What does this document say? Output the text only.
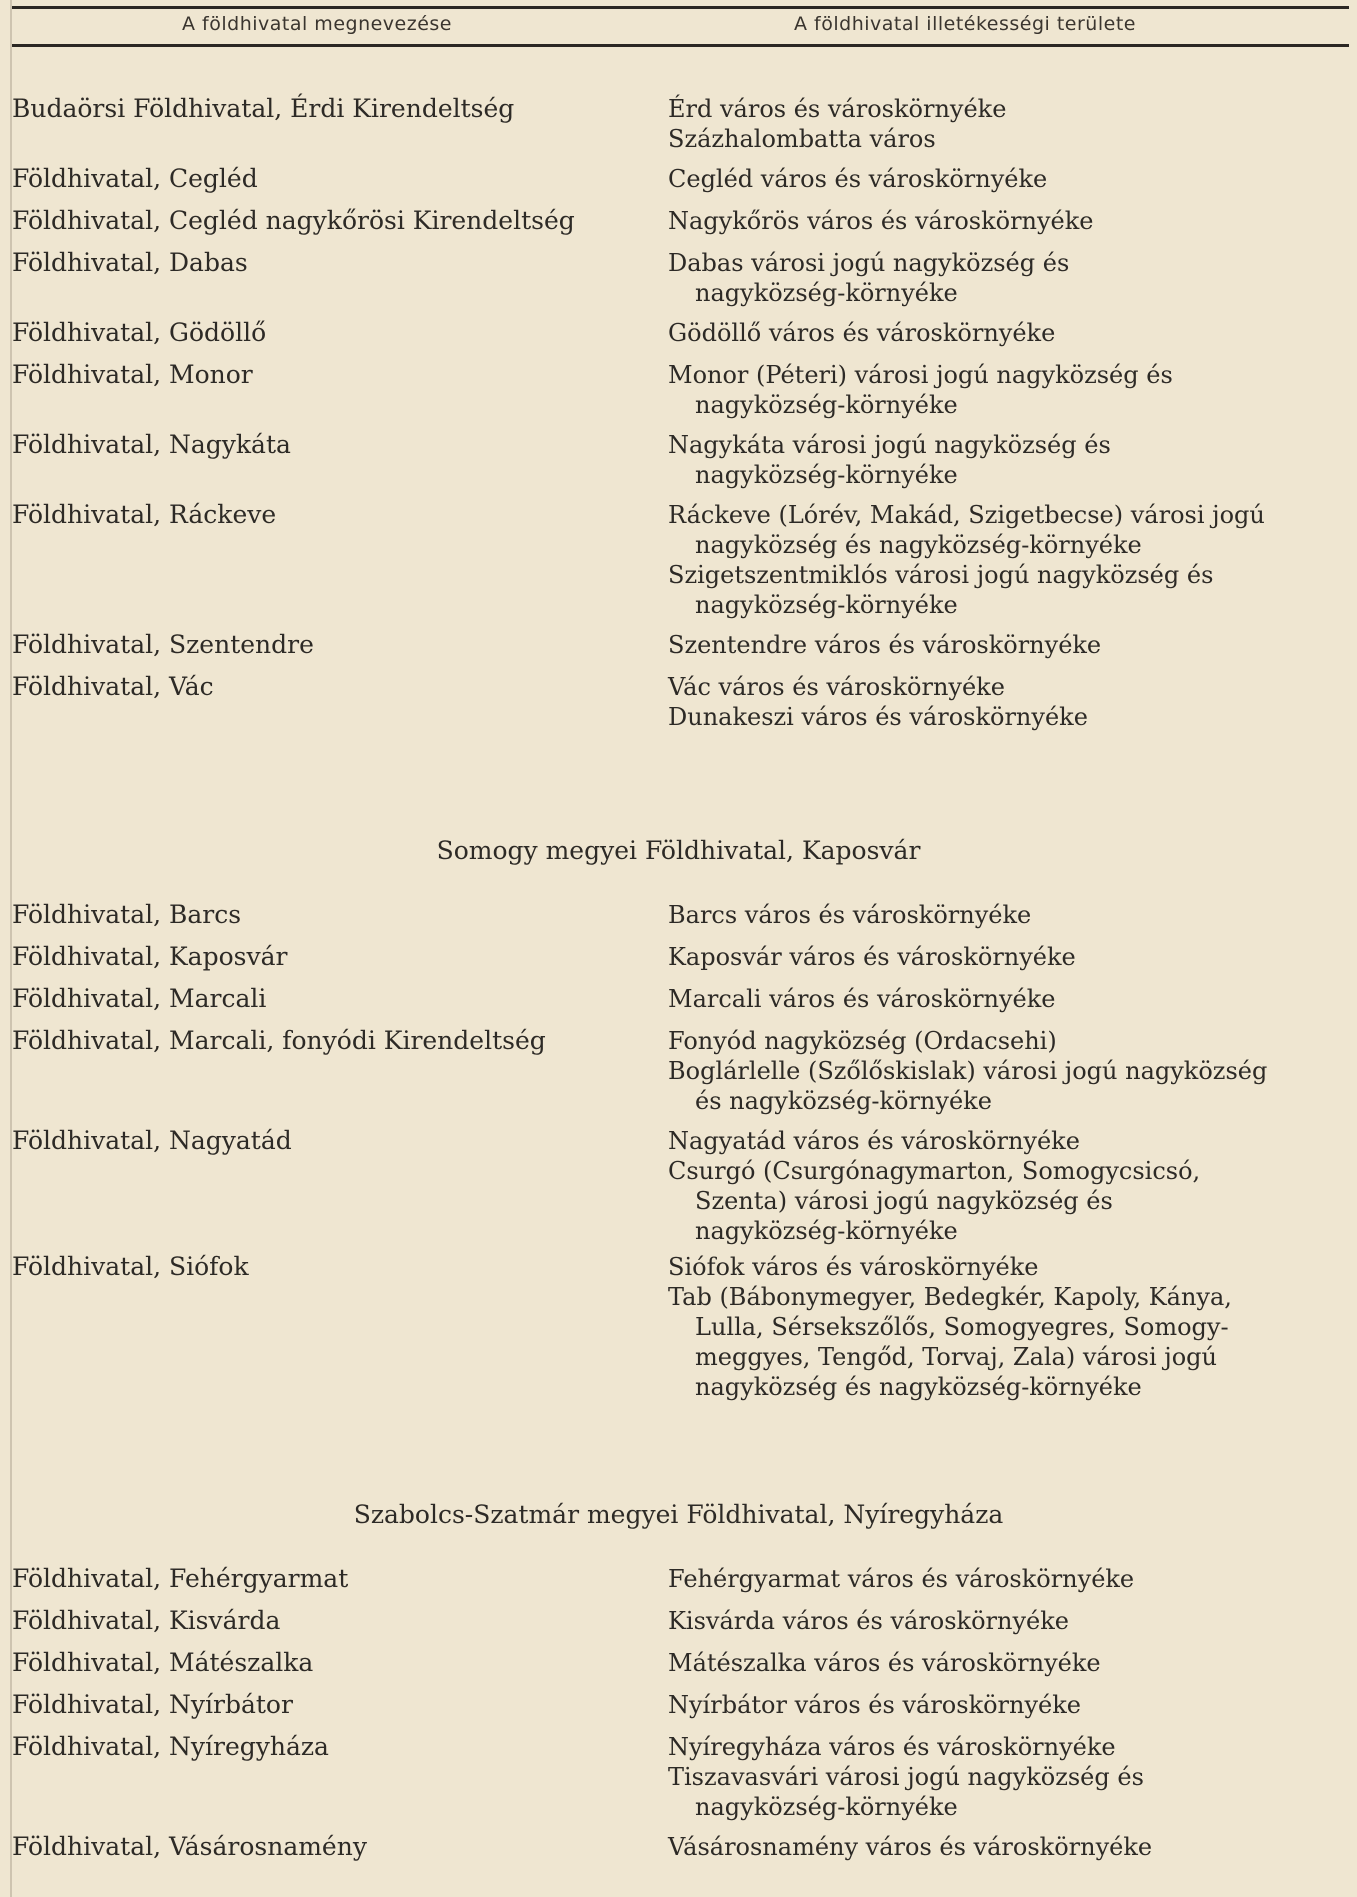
A földhivatal megnevezése	A földhivatal illetékességi területe
Budaörsi Földhivatal, Érdi Kirendeltség	Érd város és városkörnyéke
Százhalombatta város
Földhivatal, Cegléd	Cegléd város és városkörnyéke
Földhivatal, Cegléd nagykőrösi Kirendeltség	Nagykőrös város és városkörnyéke
Földhivatal, Dabas	Dabas városi jogú nagyközség és
nagyközség-környéke
Földhivatal, Gödöllő	Gödöllő város és városkörnyéke
Földhivatal, Monor	Monor (Péteri) városi jogú nagyközség és
nagyközség-környéke
Földhivatal, Nagykáta	Nagykáta városi jogú nagyközség és
nagyközség-környéke
Földhivatal, Ráckeve	Ráckeve (Lórév, Makád, Szigetbecse) városi jogú
nagyközség és nagyközség-környéke
Szigetszentmiklós városi jogú nagyközség és
nagyközség-környéke
Földhivatal, Szentendre	Szentendre város és városkörnyéke
Földhivatal, Vác	Vác város és városkörnyéke
Dunakeszi város és városkörnyéke
Somogy megyei Földhivatal, Kaposvár
Földhivatal, Barcs	Barcs város és városkörnyéke
Földhivatal, Kaposvár	Kaposvár város és városkörnyéke
Földhivatal, Marcali	Marcali város és városkörnyéke
Földhivatal, Marcali, fonyódi Kirendeltség	Fonyód nagyközség (Ordacsehi)
Boglárlelle (Szőlőskislak) városi jogú nagyközség
és nagyközség-környéke
Földhivatal, Nagyatád	Nagyatád város és városkörnyéke
Csurgó (Csurgónagymarton, Somogycsicsó,
Szenta) városi jogú nagyközség és
nagyközség-környéke
Földhivatal, Siófok	Siófok város és városkörnyéke
Tab (Bábonymegyer, Bedegkér, Kapoly, Kánya,
Lulla, Sérsekszőlős, Somogyegres, Somogy-
meggyes, Tengőd, Torvaj, Zala) városi jogú
nagyközség és nagyközség-környéke
Szabolcs-Szatmár megyei Földhivatal, Nyíregyháza
Földhivatal, Fehérgyarmat	Fehérgyarmat város és városkörnyéke
Földhivatal, Kisvárda	Kisvárda város és városkörnyéke
Földhivatal, Mátészalka	Mátészalka város és városkörnyéke
Földhivatal, Nyírbátor	Nyírbátor város és városkörnyéke
Földhivatal, Nyíregyháza	Nyíregyháza város és városkörnyéke
Tiszavasvári városi jogú nagyközség és
nagyközség-környéke
Földhivatal, Vásárosnamény	Vásárosnamény város és városkörnyéke
